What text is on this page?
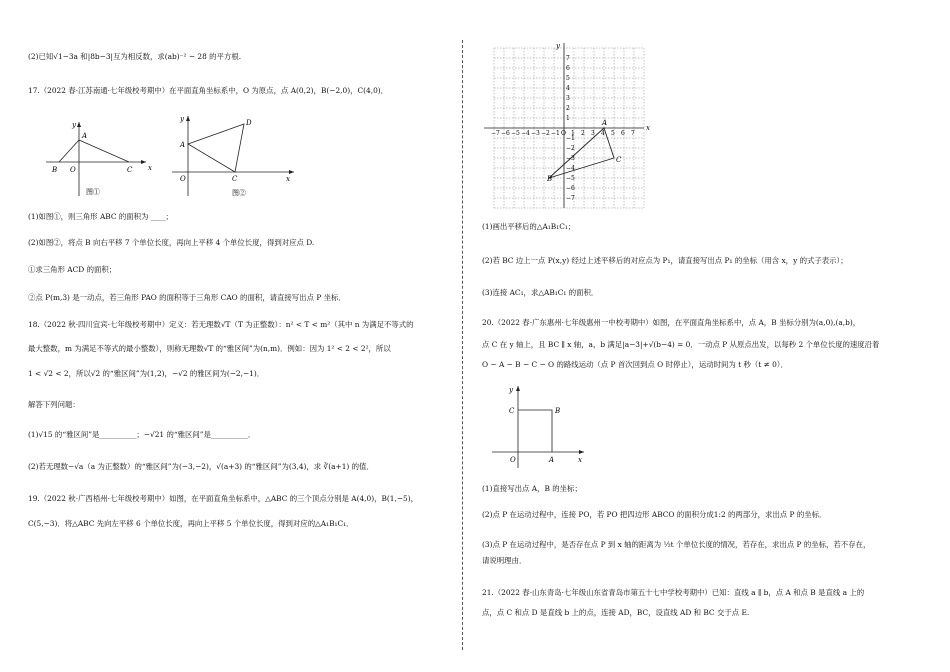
(2)已知√1−3a 和|8b−3|互为相反数，求(ab)⁻² − 28 的平方根.
17.（2022 春·江苏南通·七年级校考期中）在平面直角坐标系中，O 为原点，点 A(0,2)，B(−2,0)，C(4,0)．
y
x
A
B O	C
图①
y
x
A
D
O	C
图②
(1)如图①，则三角形 ABC 的面积为 ____；
(2)如图②，将点 B 向右平移 7 个单位长度，再向上平移 4 个单位长度，得到对应点 D.
①求三角形 ACD 的面积；
②点 P(m,3) 是一动点，若三角形 PAO 的面积等于三角形 CAO 的面积，请直接写出点 P 坐标．
18.（2022 秋·四川宜宾·七年级校考期中）定义：若无理数√T（T 为正整数）：n² < T < m²（其中 n 为满足不等式的
最大整数，m 为满足不等式的最小整数），则称无理数√T 的“雅区间”为(n,m)．例如：因为 1² < 2 < 2²，所以
1 < √2 < 2，所以√2 的“雅区间”为(1,2)，−√2 的雅区间为(−2,−1)．
解答下列问题：
(1)√15 的“雅区间”是__________；−√21 的“雅区间”是__________．
(2)若无理数−√a（a 为正整数）的“雅区间”为(−3,−2)，√(a+3) 的“雅区间”为(3,4)，求 ∛(a+1) 的值．
19.（2022 秋·广西梧州·七年级校考期中）如图，在平面直角坐标系中，△ABC 的三个顶点分别是 A(4,0)，B(1,−5)，
C(5,−3)．将△ABC 先向左平移 6 个单位长度，再向上平移 5 个单位长度，得到对应的△A₁B₁C₁．
−7 −6 −5 −4 −3 −2 −1 O 1 2 3 4 5 6 7
7
6
5
4
3
2
1
−1
−2
−3
−4
−5
−6
−7
x
y
A
B
C
y
x
C	B
O	A
(1)画出平移后的△A₁B₁C₁；
(2)若 BC 边上一点 P(x,y) 经过上述平移后的对应点为 P₁，请直接写出点 P₁ 的坐标（用含 x，y 的式子表示）；
(3)连接 AC₁，求△AB₁C₁ 的面积．
20.（2022 春·广东惠州·七年级惠州一中校考期中）如图，在平面直角坐标系中，点 A，B 坐标分别为(a,0),(a,b)，
点 C 在 y 轴上，且 BC ∥ x 轴，a，b 满足|a−3|+√(b−4) = 0．一动点 P 从原点出发，以每秒 2 个单位长度的速度沿着
O − A − B − C − O 的路线运动（点 P 首次回到点 O 时停止），运动时间为 t 秒（t ≠ 0）．
(1)直接写出点 A，B 的坐标；
(2)点 P 在运动过程中，连接 PO，若 PO 把四边形 ABCO 的面积分成1:2 的两部分，求出点 P 的坐标．
(3)点 P 在运动过程中，是否存在点 P 到 x 轴的距离为 ½t 个单位长度的情况，若存在，求出点 P 的坐标，若不存在，
请说明理由．
21.（2022 春·山东青岛·七年级山东省青岛市第五十七中学校考期中）已知：直线 a ∥ b，点 A 和点 B 是直线 a 上的
点，点 C 和点 D 是直线 b 上的点，连接 AD，BC，设直线 AD 和 BC 交于点 E.
